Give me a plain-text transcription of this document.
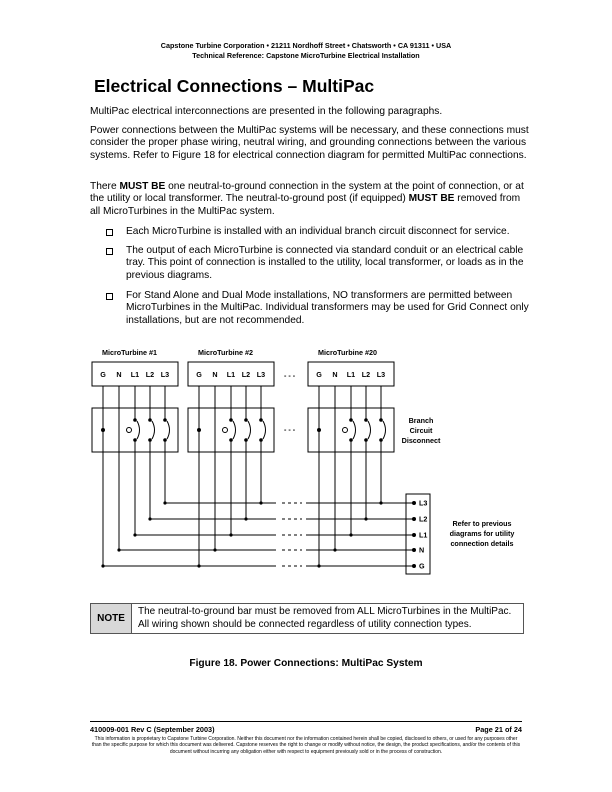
Capstone Turbine Corporation • 21211 Nordhoff Street • Chatsworth • CA 91311 • USA
Technical Reference: Capstone MicroTurbine Electrical Installation
Electrical Connections – MultiPac

MultiPac electrical interconnections are presented in the following paragraphs.

Power connections between the MultiPac systems will be necessary, and these connections must consider the proper phase wiring, neutral wiring, and grounding connections between the various systems. Refer to Figure 18 for electrical connection diagram for permitted MultiPac connections.

There MUST BE one neutral-to-ground connection in the system at the point of connection, or at the utility or local transformer. The neutral-to-ground post (if equipped) MUST BE removed from all MicroTurbines in the MultiPac system.

Each MicroTurbine is installed with an individual branch circuit disconnect for service.
The output of each MicroTurbine is connected via standard conduit or an electrical cable tray. This point of connection is installed to the utility, local transformer, or loads as in the previous diagrams.
For Stand Alone and Dual Mode installations, NO transformers are permitted between MicroTurbines in the MultiPac. Individual transformers may be used for Grid Connect only installations, but are not recommended.
MicroTurbine #1	MicroTurbine #2	MicroTurbine #20
G N L1 L2 L3	G N L1 L2 L3	G N L1 L2 L3
- - -
- - -
Branch
Circuit
Disconnect
G
N
L1
L2
L3
Refer to previous
diagrams for utility
connection details
NOTE
The neutral-to-ground bar must be removed from ALL MicroTurbines in the MultiPac.
All wiring shown should be connected regardless of utility connection types.
Figure 18. Power Connections: MultiPac System
410009-001 Rev C (September 2003)	Page 21 of 24
This information is proprietary to Capstone Turbine Corporation. Neither this document nor the information contained herein shall be copied, disclosed to others, or used for any purposes other than the specific purpose for which this document was delivered. Capstone reserves the right to change or modify without notice, the design, the product specifications, and/or the contents of this document without incurring any obligation either with respect to equipment previously sold or in the process of construction.
